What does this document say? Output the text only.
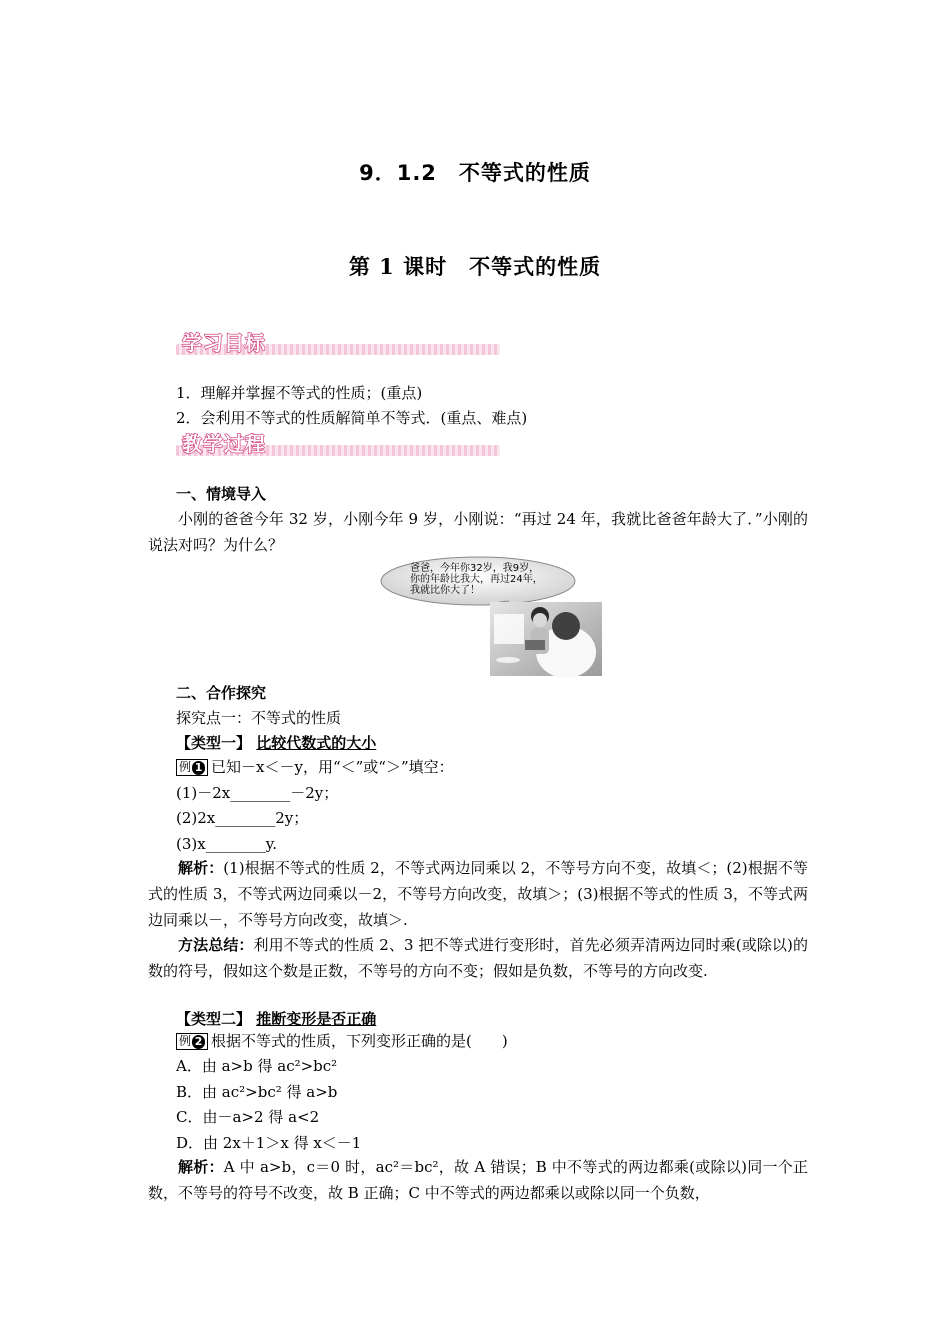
9．1.2　不等式的性质
第 1 课时　不等式的性质
学习目标
1．理解并掌握不等式的性质；(重点)
2．会利用不等式的性质解简单不等式．(重点、难点)
教学过程
一、情境导入
小刚的爸爸今年 32 岁，小刚今年 9 岁，小刚说：“再过 24 年，我就比爸爸年龄大了．”小刚的说法对吗？为什么？
爸爸，今年你32岁，我9岁，
你的年龄比我大，再过24年，
我就比你大了！
二、合作探究
探究点一：不等式的性质
【类型一】 比较代数式的大小
例 1 已知－x＜－y，用“＜”或“＞”填空：
(1)－2x________－2y；
(2)2x________2y；
(3)x________y.
解析：(1)根据不等式的性质 2，不等式两边同乘以 2，不等号方向不变，故填＜；(2)根据不等式的性质 3，不等式两边同乘以－2，不等号方向改变，故填＞；(3)根据不等式的性质 3，不等式两边同乘以－，不等号方向改变，故填＞.
方法总结：利用不等式的性质 2、3 把不等式进行变形时，首先必须弄清两边同时乘(或除以)的数的符号，假如这个数是正数，不等号的方向不变；假如是负数，不等号的方向改变.
【类型二】 推断变形是否正确
例 2 根据不等式的性质，下列变形正确的是(　　)
A．由 a>b 得 ac²>bc²
B．由 ac²>bc² 得 a>b
C．由－a>2 得 a<2
D．由 2x＋1＞x 得 x＜－1
解析：A 中 a>b，c＝0 时，ac²＝bc²，故 A 错误；B 中不等式的两边都乘(或除以)同一个正数，不等号的符号不改变，故 B 正确；C 中不等式的两边都乘以或除以同一个负数，
